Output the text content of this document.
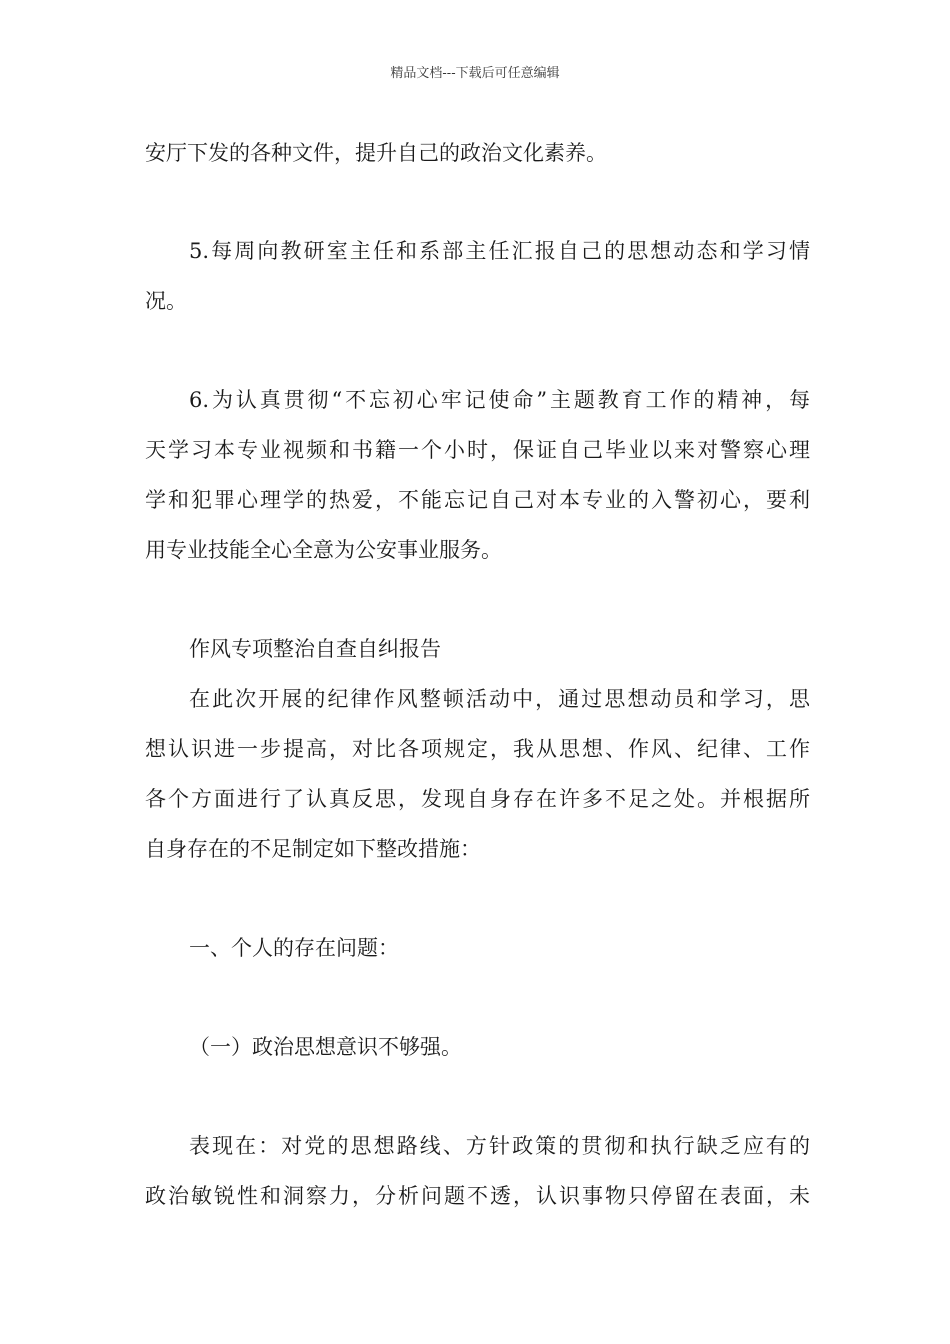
精品文档---下载后可任意编辑
安厅下发的各种文件，提升自己的政治文化素养。
5.每周向教研室主任和系部主任汇报自己的思想动态和学习情
况。
6.为认真贯彻“不忘初心牢记使命”主题教育工作的精神，每
天学习本专业视频和书籍一个小时，保证自己毕业以来对警察心理
学和犯罪心理学的热爱，不能忘记自己对本专业的入警初心，要利
用专业技能全心全意为公安事业服务。
作风专项整治自查自纠报告
在此次开展的纪律作风整顿活动中，通过思想动员和学习，思
想认识进一步提高，对比各项规定，我从思想、作风、纪律、工作
各个方面进行了认真反思，发现自身存在许多不足之处。并根据所
自身存在的不足制定如下整改措施：
一、个人的存在问题：
（一）政治思想意识不够强。
表现在：对党的思想路线、方针政策的贯彻和执行缺乏应有的
政治敏锐性和洞察力，分析问题不透，认识事物只停留在表面，未
